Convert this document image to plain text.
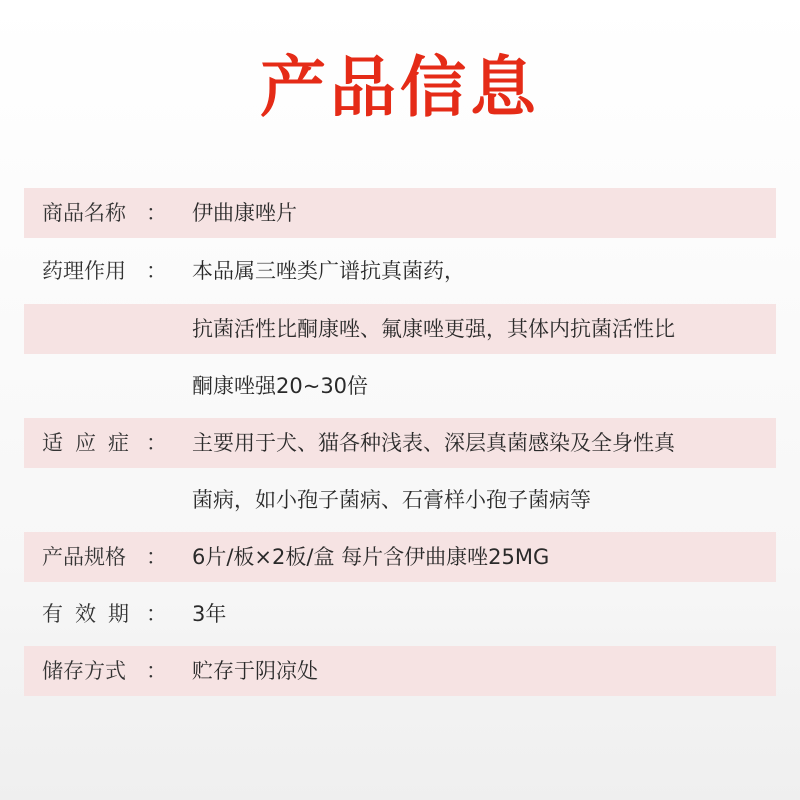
产品信息
商品名称 ： 伊曲康唑片
药理作用 ： 本品属三唑类广谱抗真菌药，
抗菌活性比酮康唑、氟康唑更强，其体内抗菌活性比
酮康唑强20~30倍
适应症 ： 主要用于犬、猫各种浅表、深层真菌感染及全身性真
菌病，如小孢子菌病、石膏样小孢子菌病等
产品规格 ： 6片/板×2板/盒 每片含伊曲康唑25MG
有效期 ： 3年
储存方式 ： 贮存于阴凉处
